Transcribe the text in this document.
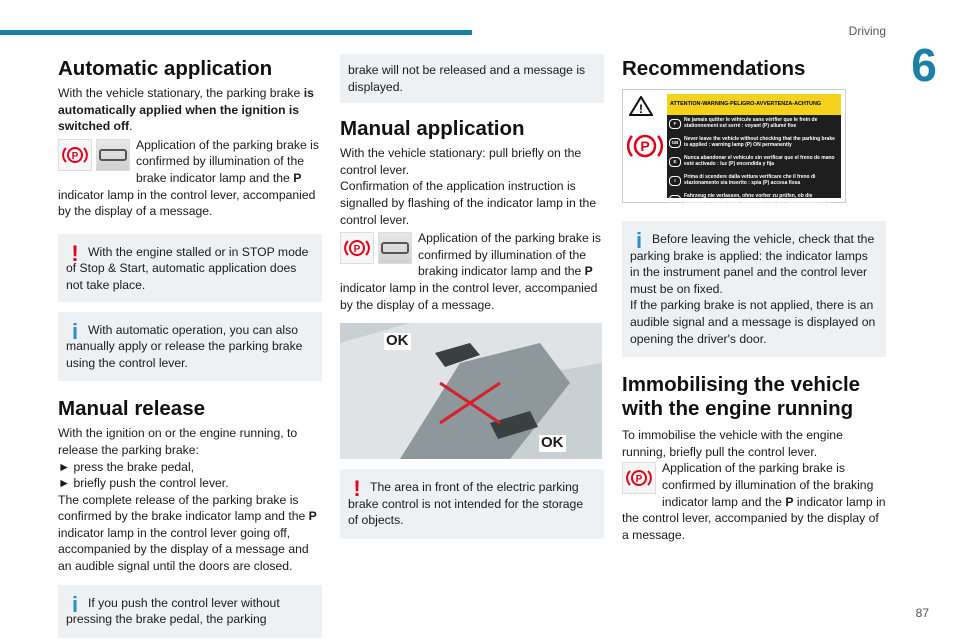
Driving
6
87
Automatic application

With the vehicle stationary, the parking brake is automatically applied when the ignition is switched off.

P

Application of the parking brake is confirmed by illumination of the brake indicator lamp and the P indicator lamp in the control lever, accompanied by the display of a message.

! With the engine stalled or in STOP mode of Stop & Start, automatic application does not take place.

i With automatic operation, you can also manually apply or release the parking brake using the control lever.

Manual release

With the ignition on or the engine running, to release the parking brake:

► press the brake pedal,

► briefly push the control lever.

The complete release of the parking brake is confirmed by the brake indicator lamp and the P indicator lamp in the control lever going off, accompanied by the display of a message and an audible signal until the doors are closed.

i If you push the control lever without pressing the brake pedal, the parking

brake will not be released and a message is displayed.

Manual application

With the vehicle stationary: pull briefly on the control lever.

Confirmation of the application instruction is signalled by flashing of the indicator lamp in the control lever.

P

Application of the parking brake is confirmed by illumination of the braking indicator lamp and the P indicator lamp in the control lever, accompanied by the display of a message.

OK
OK
! The area in front of the electric parking brake control is not intended for the storage of objects.

Recommendations
!
P
ATTENTION-WARNING-PELIGRO-AVVERTENZA-ACHTUNG
F
Ne jamais quitter le véhicule sans vérifier que le frein de stationnement est serré : voyant (P) allumé fixe
GB
Never leave the vehicle without checking that the parking brake is applied : warning lamp (P) ON permanently
E
Nunca abandonar el vehículo sin verificar que el freno de mano esté activado : luz (P) encendida y fija
I
Prima di scendere dalla vettura verificare che il freno di stazionamento sia inserito : spia (P) accesa fissa
D
Fahrzeug nie verlassen, ohne vorher zu prüfen, ob die elektrische parkbremse angezogen ist. Die kontrolleuchte (P) leuchtet dann permanent
i Before leaving the vehicle, check that the parking brake is applied: the indicator lamps in the instrument panel and the control lever must be on fixed.

If the parking brake is not applied, there is an audible signal and a message is displayed on opening the driver's door.

Immobilising the vehicle with the engine running

To immobilise the vehicle with the engine running, briefly pull the control lever.

P

Application of the parking brake is confirmed by illumination of the braking indicator lamp and the P indicator lamp in the control lever, accompanied by the display of a message.
